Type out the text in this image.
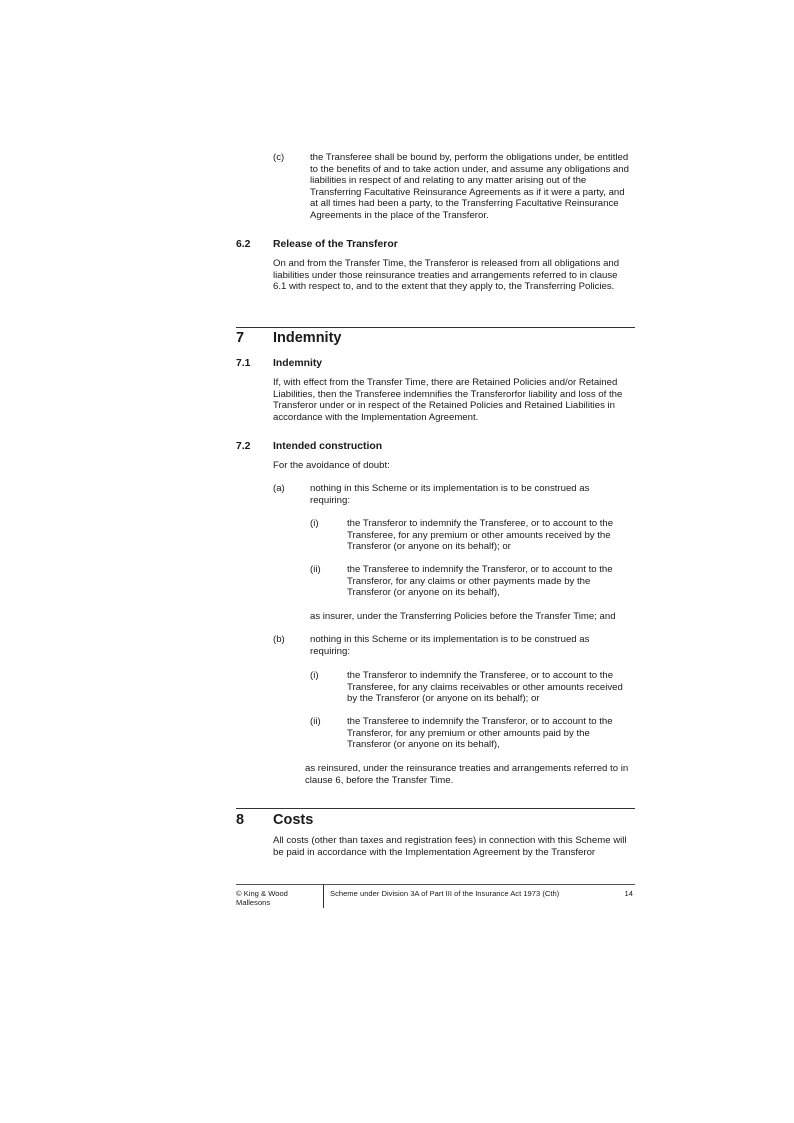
(c)	the Transferee shall be bound by, perform the obligations under, be entitled to the benefits of and to take action under, and assume any obligations and liabilities in respect of and relating to any matter arising out of the Transferring Facultative Reinsurance Agreements as if it were a party, and at all times had been a party, to the Transferring Facultative Reinsurance Agreements in the place of the Transferor.
6.2 Release of the Transferor
On and from the Transfer Time, the Transferor is released from all obligations and liabilities under those reinsurance treaties and arrangements referred to in clause 6.1 with respect to, and to the extent that they apply to, the Transferring Policies.
7 Indemnity
7.1 Indemnity
If, with effect from the Transfer Time, there are Retained Policies and/or Retained Liabilities, then the Transferee indemnifies the Transferorfor liability and loss of the Transferor under or in respect of the Retained Policies and Retained Liabilities in accordance with the Implementation Agreement.
7.2 Intended construction
For the avoidance of doubt:
(a)	nothing in this Scheme or its implementation is to be construed as requiring:
(i)	the Transferor to indemnify the Transferee, or to account to the Transferee, for any premium or other amounts received by the Transferor (or anyone on its behalf); or
(ii)	the Transferee to indemnify the Transferor, or to account to the Transferor, for any claims or other payments made by the Transferor (or anyone on its behalf),
as insurer, under the Transferring Policies before the Transfer Time; and
(b)	nothing in this Scheme or its implementation is to be construed as requiring:
(i)	the Transferor to indemnify the Transferee, or to account to the Transferee, for any claims receivables or other amounts received by the Transferor (or anyone on its behalf); or
(ii)	the Transferee to indemnify the Transferor, or to account to the Transferor, for any premium or other amounts paid by the Transferor (or anyone on its behalf),
as reinsured, under the reinsurance treaties and arrangements referred to in clause 6, before the Transfer Time.
8 Costs
All costs (other than taxes and registration fees) in connection with this Scheme will be paid in accordance with the Implementation Agreement by the Transferor
© King & Wood Mallesons
Scheme under Division 3A of Part III of the Insurance Act 1973 (Cth)	14
